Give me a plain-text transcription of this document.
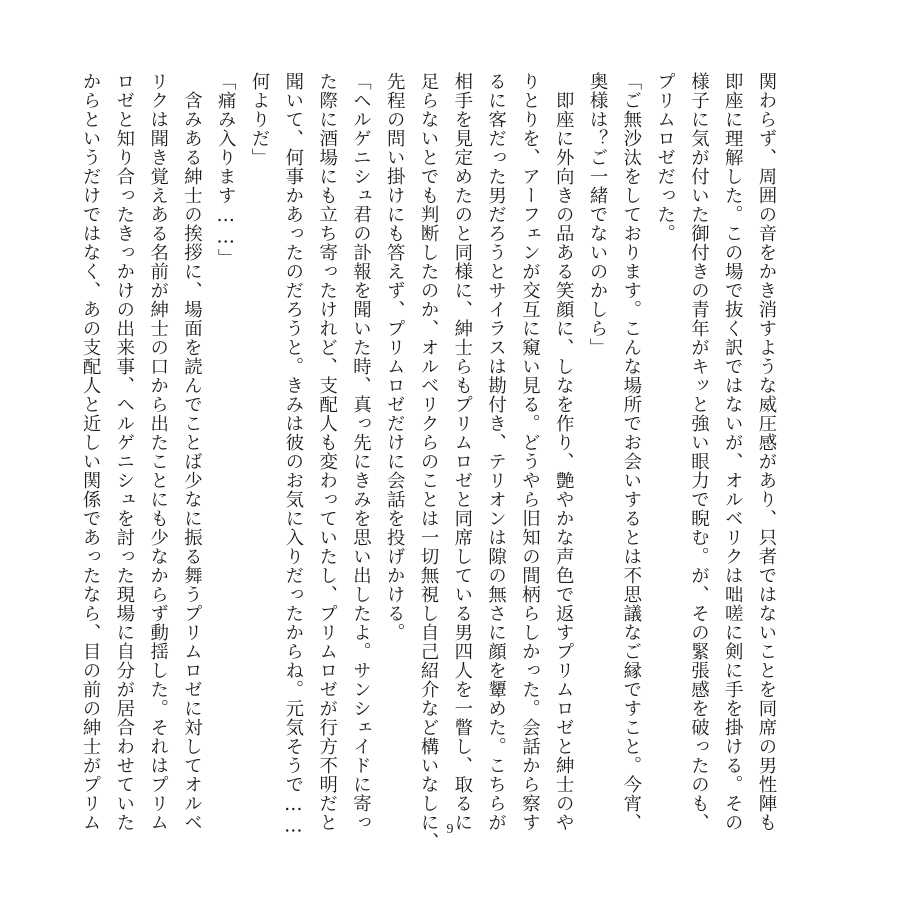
関わらず、周囲の音をかき消すような威圧感があり、只者ではないことを同席の男性陣も
即座に理解した。この場で抜く訳ではないが、オルベリクは咄嗟に剣に手を掛ける。その
様子に気が付いた御付きの青年がキッと強い眼力で睨む。が、その緊張感を破ったのも、
プリムロゼだった。
「ご無沙汰をしております。こんな場所でお会いするとは不思議なご縁ですこと。今宵、
奥様は？ご一緒でないのかしら」
　即座に外向きの品ある笑顔に、しなを作り、艶やかな声色で返すプリムロゼと紳士のや
りとりを、アーフェンが交互に窺い見る。どうやら旧知の間柄らしかった。会話から察す
るに客だった男だろうとサイラスは勘付き、テリオンは隙の無さに顔を顰めた。こちらが
相手を見定めたのと同様に、紳士らもプリムロゼと同席している男四人を一瞥し、取るに
足らないとでも判断したのか、オルベリクらのことは一切無視し自己紹介など構いなしに、
先程の問い掛けにも答えず、プリムロゼだけに会話を投げかける。
「ヘルゲニシュ君の訃報を聞いた時、真っ先にきみを思い出したよ。サンシェイドに寄っ
た際に酒場にも立ち寄ったけれど、支配人も変わっていたし、プリムロゼが行方不明だと
聞いて、何事かあったのだろうと。きみは彼のお気に入りだったからね。元気そうで……
何よりだ」
「痛み入ります……」
　含みある紳士の挨拶に、場面を読んでことば少なに振る舞うプリムロゼに対してオルベ
リクは聞き覚えある名前が紳士の口から出たことにも少なからず動揺した。それはプリム
ロゼと知り合ったきっかけの出来事、ヘルゲニシュを討った現場に自分が居合わせていた
からというだけではなく、あの支配人と近しい関係であったなら、目の前の紳士がプリム	9
